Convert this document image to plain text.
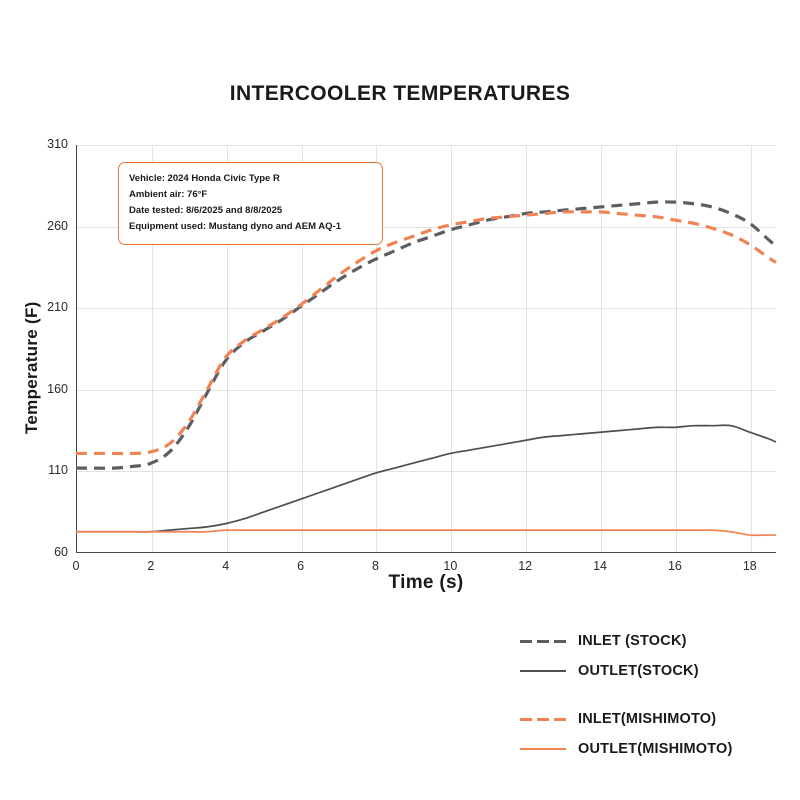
INTERCOOLER TEMPERATURES
Temperature (F)
Time (s)
0	2	4	6	8	10	12	14	16	18
60
110
160
210
260
310
Vehicle: 2024 Honda Civic Type R
Ambient air: 76°F
Date tested: 8/6/2025 and 8/8/2025
Equipment used: Mustang dyno and AEM AQ-1
INLET (STOCK)
OUTLET(STOCK)
INLET(MISHIMOTO)
OUTLET(MISHIMOTO)
